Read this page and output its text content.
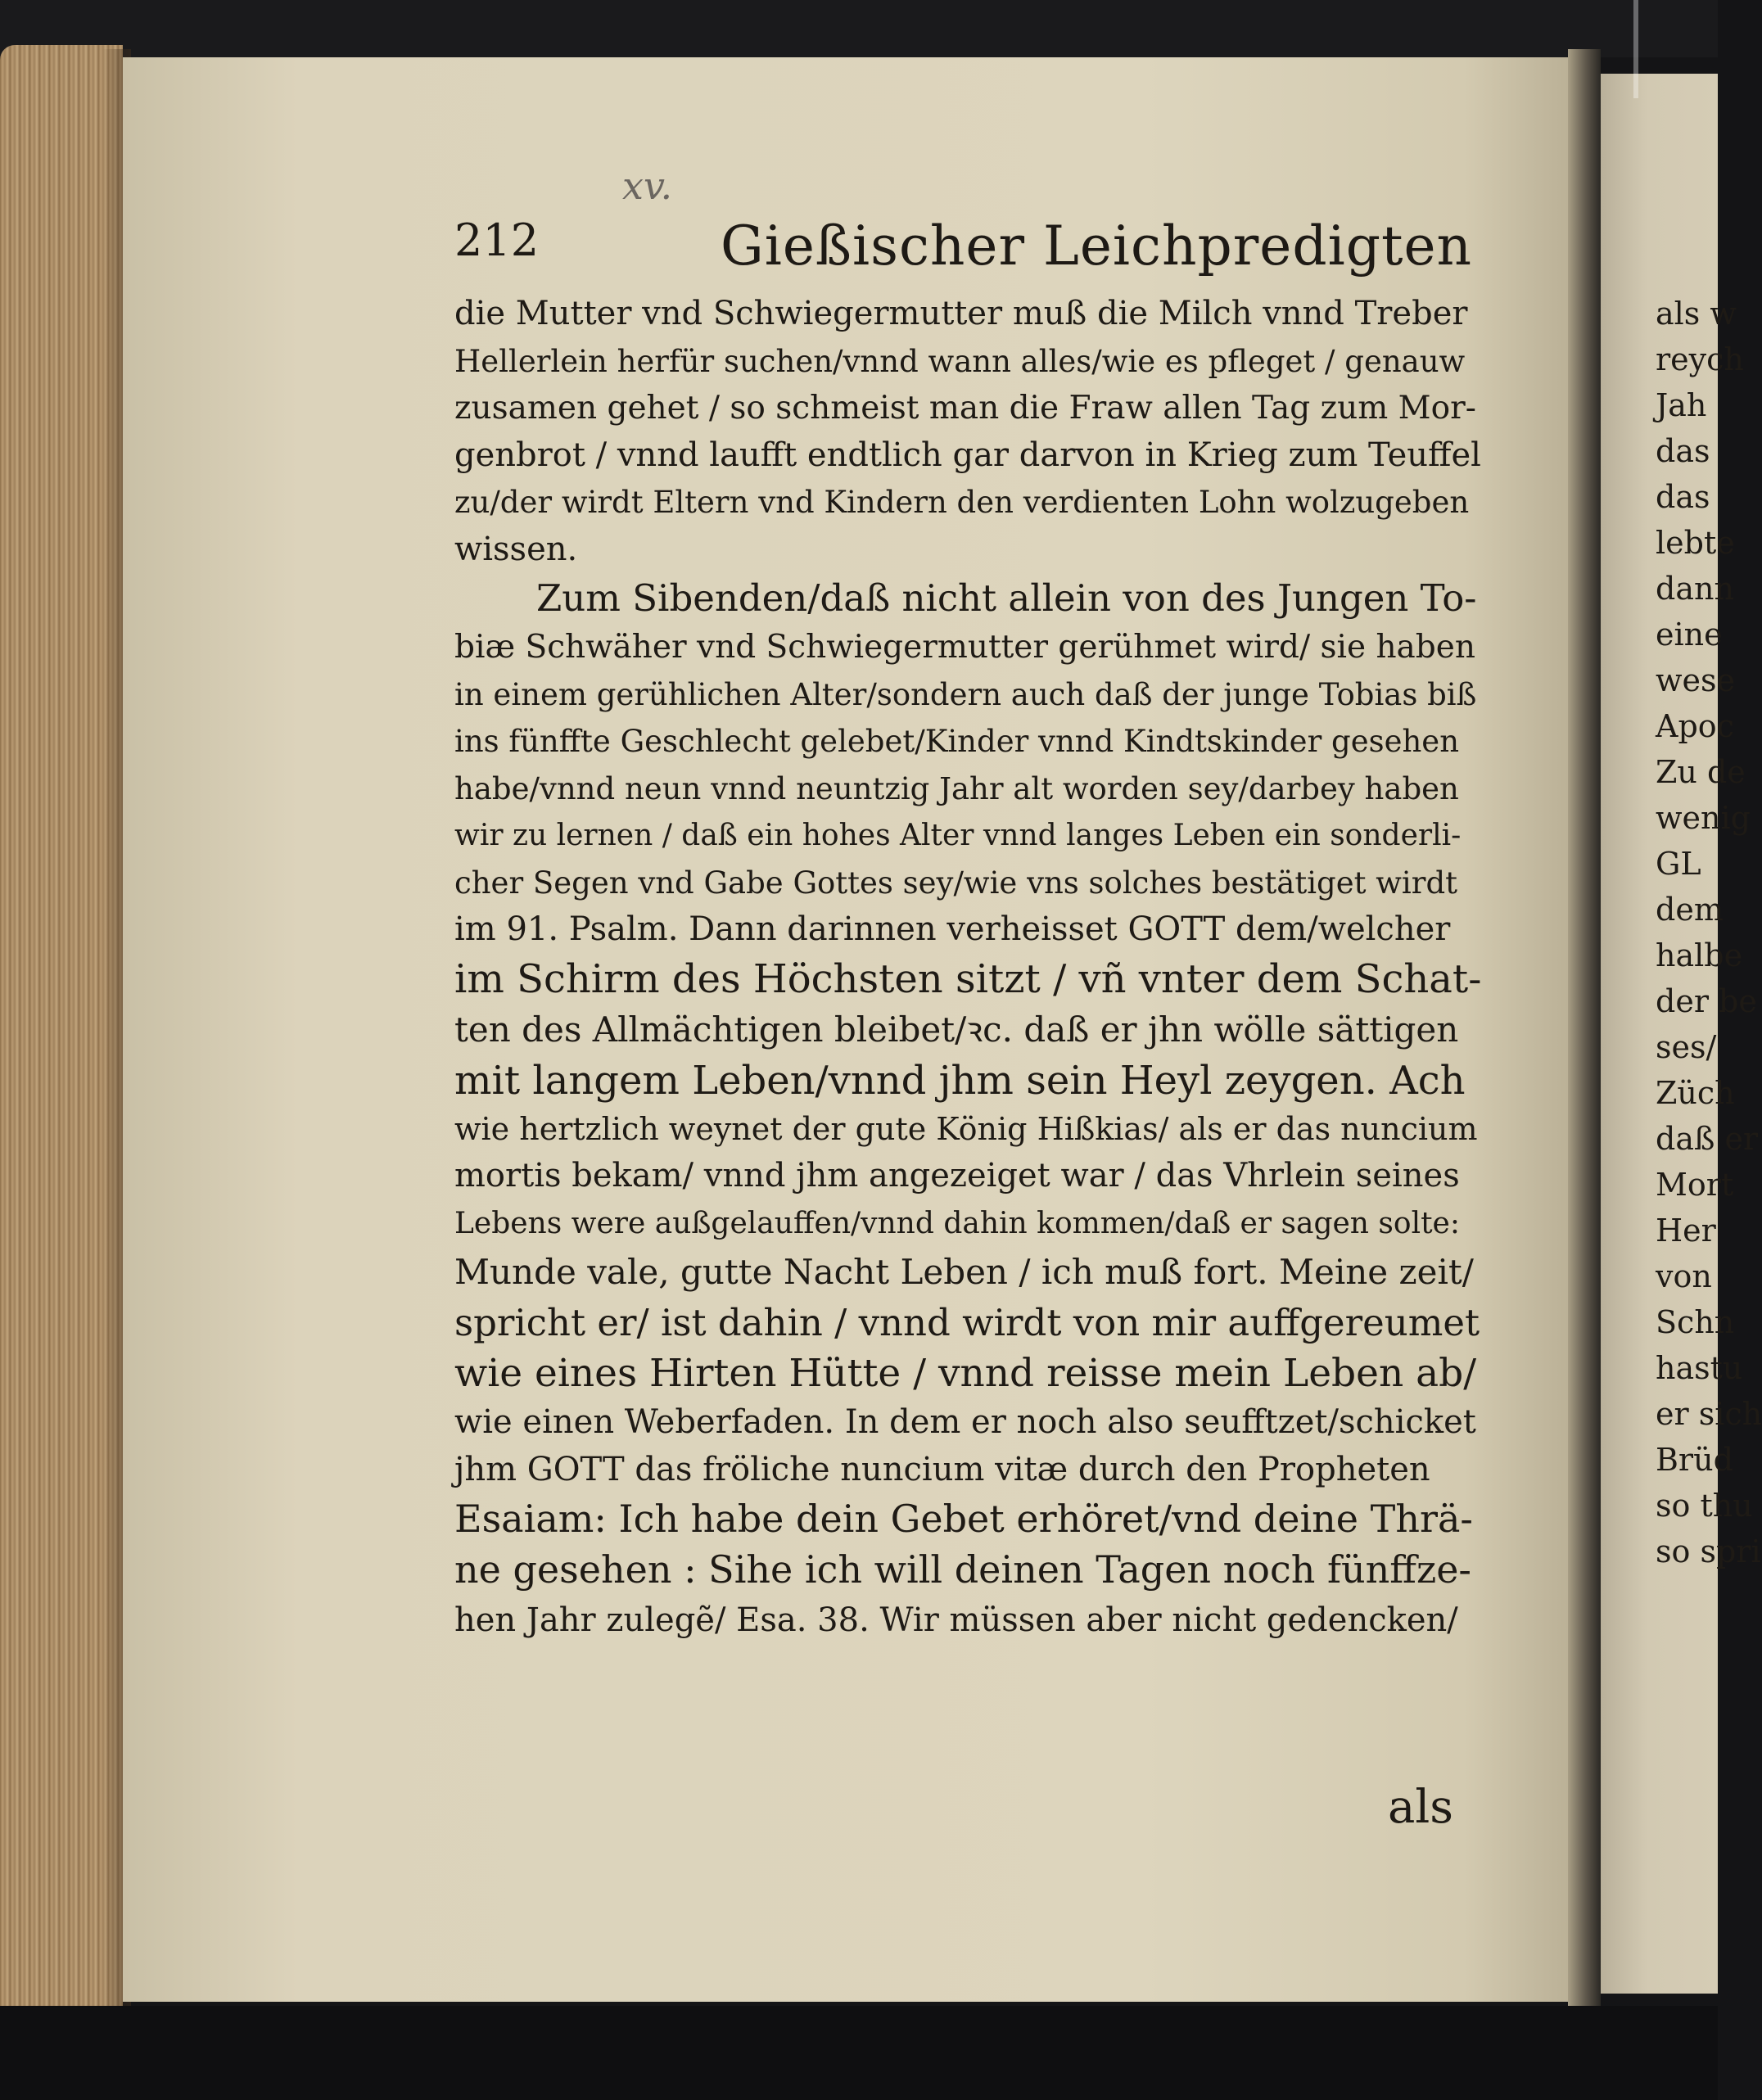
xv.
212	Gießischer Leichpredigten
die Mutter vnd Schwiegermutter muß die Milch vnnd Treber
Hellerlein herfür suchen/vnnd wann alles/wie es pfleget / genauw
zusamen gehet / so schmeist man die Fraw allen Tag zum Mor-
genbrot / vnnd laufft endtlich gar darvon in Krieg zum Teuffel
zu/der wirdt Eltern vnd Kindern den verdienten Lohn wolzugeben
wissen.
Zum Sibenden/daß nicht allein von des Jungen To-
biæ Schwäher vnd Schwiegermutter gerühmet wird/ sie haben
in einem gerühlichen Alter/sondern auch daß der junge Tobias biß
ins fünffte Geschlecht gelebet/Kinder vnnd Kindtskinder gesehen
habe/vnnd neun vnnd neuntzig Jahr alt worden sey/darbey haben
wir zu lernen / daß ein hohes Alter vnnd langes Leben ein sonderli-
cher Segen vnd Gabe Gottes sey/wie vns solches bestätiget wirdt
im 91. Psalm. Dann darinnen verheisset GOTT dem/welcher
im Schirm des Höchsten sitzt / vñ vnter dem Schat-
ten des Allmächtigen bleibet/ꝛc. daß er jhn wölle sättigen
mit langem Leben/vnnd jhm sein Heyl zeygen. Ach
wie hertzlich weynet der gute König Hißkias/ als er das nuncium
mortis bekam/ vnnd jhm angezeiget war / das Vhrlein seines
Lebens were außgelauffen/vnnd dahin kommen/daß er sagen solte:
Munde vale, gutte Nacht Leben / ich muß fort. Meine zeit/
spricht er/ ist dahin / vnnd wirdt von mir auffgereumet
wie eines Hirten Hütte / vnnd reisse mein Leben ab/
wie einen Weberfaden. In dem er noch also seufftzet/schicket
jhm GOTT das fröliche nuncium vitæ durch den Propheten
Esaiam: Ich habe dein Gebet erhöret/vnd deine Thrä-
ne gesehen : Sihe ich will deinen Tagen noch fünffze-
hen Jahr zulegẽ/ Esa. 38. Wir müssen aber nicht gedencken/
als
als w
reych
Jah
das
das
lebte
dann
eine
wese
Apoc
Zu de
wenig
GL
dem
halbe
der be
ses/
Züch
daß er
Mort
Her
von
Schn
hastu
er sich
Brüd
so thu
so spri
